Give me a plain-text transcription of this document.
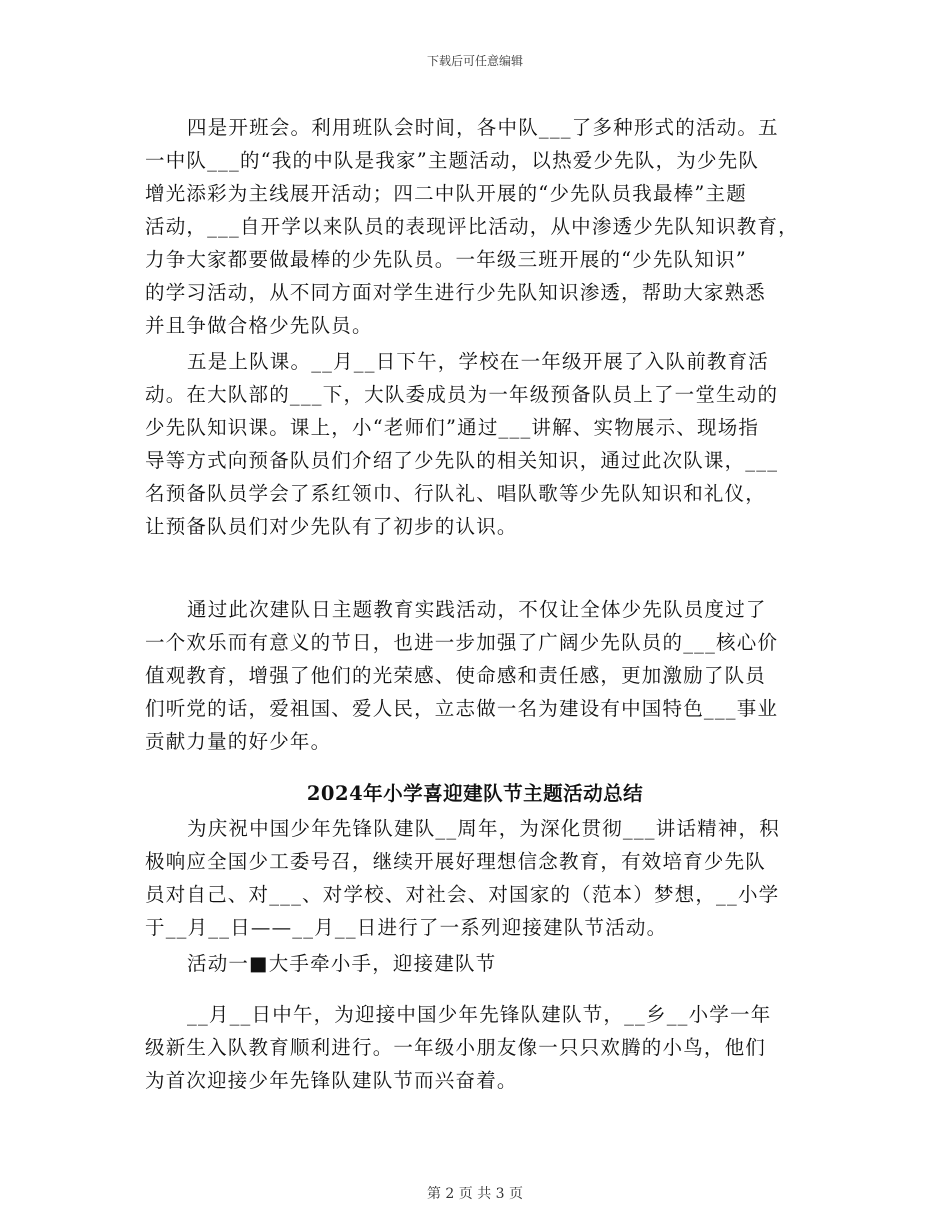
下载后可任意编辑
四是开班会。利用班队会时间，各中队___了多种形式的活动。五
一中队___的“我的中队是我家”主题活动，以热爱少先队，为少先队
增光添彩为主线展开活动；四二中队开展的“少先队员我最棒”主题
活动，___自开学以来队员的表现评比活动，从中渗透少先队知识教育，
力争大家都要做最棒的少先队员。一年级三班开展的“少先队知识”
的学习活动，从不同方面对学生进行少先队知识渗透，帮助大家熟悉
并且争做合格少先队员。
五是上队课。__月__日下午，学校在一年级开展了入队前教育活
动。在大队部的___下，大队委成员为一年级预备队员上了一堂生动的
少先队知识课。课上，小“老师们”通过___讲解、实物展示、现场指
导等方式向预备队员们介绍了少先队的相关知识，通过此次队课，___
名预备队员学会了系红领巾、行队礼、唱队歌等少先队知识和礼仪，
让预备队员们对少先队有了初步的认识。
通过此次建队日主题教育实践活动，不仅让全体少先队员度过了
一个欢乐而有意义的节日，也进一步加强了广阔少先队员的___核心价
值观教育，增强了他们的光荣感、使命感和责任感，更加激励了队员
们听党的话，爱祖国、爱人民，立志做一名为建设有中国特色___事业
贡献力量的好少年。
2024年小学喜迎建队节主题活动总结
为庆祝中国少年先锋队建队__周年，为深化贯彻___讲话精神，积
极响应全国少工委号召，继续开展好理想信念教育，有效培育少先队
员对自己、对___、对学校、对社会、对国家的（范本）梦想，__小学
于__月__日——__月__日进行了一系列迎接建队节活动。
活动一■大手牵小手，迎接建队节
__月__日中午，为迎接中国少年先锋队建队节，__乡__小学一年
级新生入队教育顺利进行。一年级小朋友像一只只欢腾的小鸟，他们
为首次迎接少年先锋队建队节而兴奋着。
第 2 页 共 3 页
